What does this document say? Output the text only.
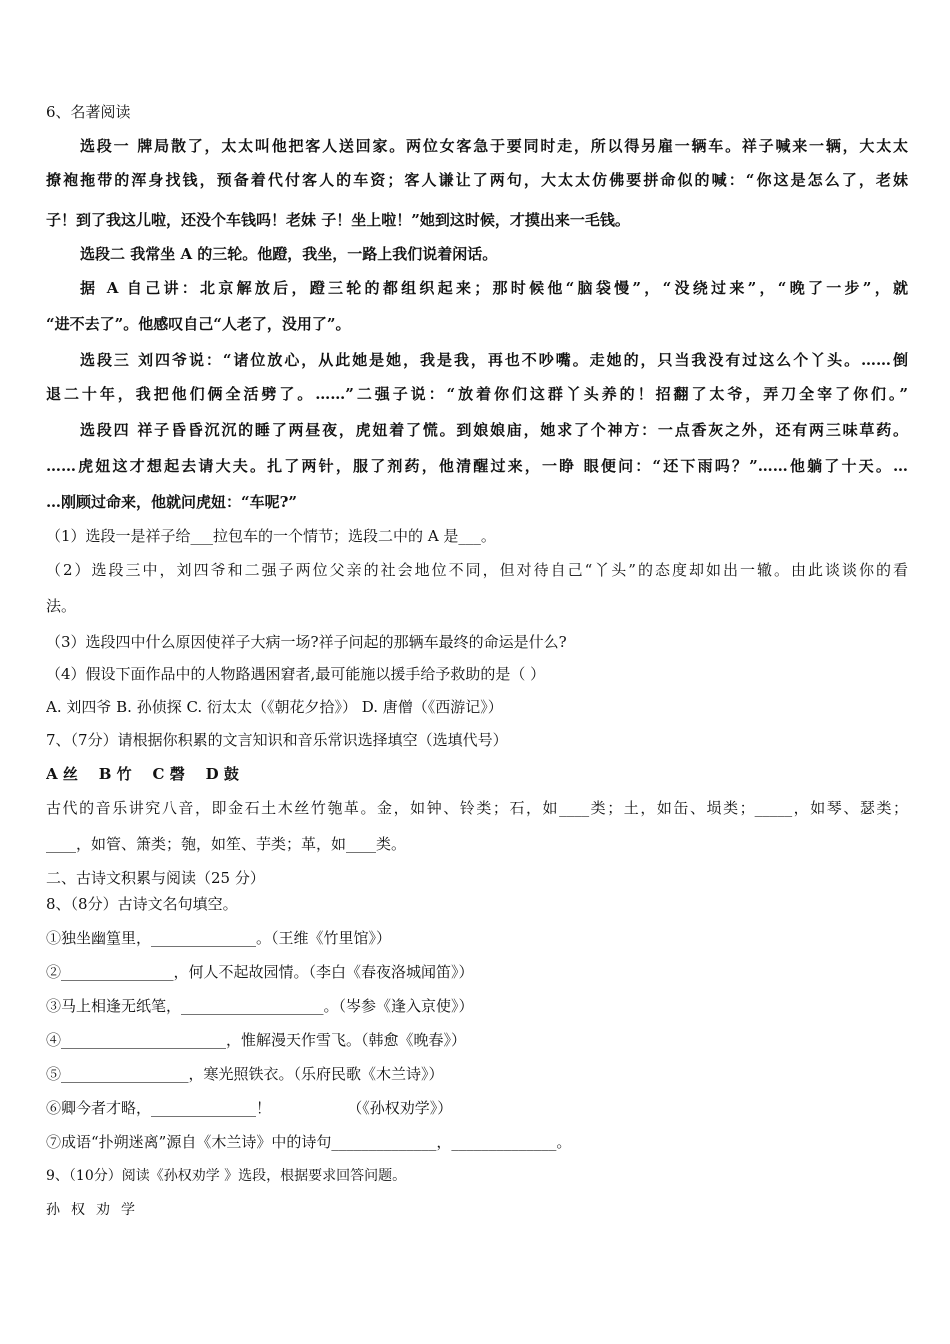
6、名著阅读
选段一 牌局散了，太太叫他把客人送回家。两位女客急于要同时走，所以得另雇一辆车。祥子喊来一辆，大太太
撩袍拖带的浑身找钱，预备着代付客人的车资；客人谦让了两句，大太太仿佛要拼命似的喊：“你这是怎么了，老妹
子！到了我这儿啦，还没个车钱吗！老妹 子！坐上啦！”她到这时候，才摸出来一毛钱。
选段二 我常坐 A 的三轮。他蹬，我坐，一路上我们说着闲话。
据 A 自己讲：北京解放后，蹬三轮的都组织起来；那时候他“脑袋慢”，“没绕过来”，“晚了一步”，就
“进不去了”。他感叹自己“人老了，没用了”。
选段三 刘四爷说：“诸位放心，从此她是她，我是我，再也不吵嘴。走她的，只当我没有过这么个丫头。……倒
退二十年，我把他们俩全活劈了。……”二强子说：“放着你们这群丫头养的！招翻了太爷，弄刀全宰了你们。”
选段四 祥子昏昏沉沉的睡了两昼夜，虎妞着了慌。到娘娘庙，她求了个神方：一点香灰之外，还有两三味草药。
……虎妞这才想起去请大夫。扎了两针，服了剂药，他清醒过来，一睁 眼便问：“还下雨吗？”……他躺了十天。…
…刚顾过命来，他就问虎妞：“车呢?”
（1）选段一是祥子给___拉包车的一个情节；选段二中的 A 是___。
（2）选段三中，刘四爷和二强子两位父亲的社会地位不同，但对待自己“丫头”的态度却如出一辙。由此谈谈你的看
法。
（3）选段四中什么原因使祥子大病一场?祥子问起的那辆车最终的命运是什么?
（4）假设下面作品中的人物路遇困窘者,最可能施以援手给予救助的是（ ）
A. 刘四爷 B. 孙侦探 C. 衍太太（《朝花夕拾》） D. 唐僧（《西游记》）
7、（7分）请根据你积累的文言知识和音乐常识选择填空（选填代号）
A 丝    B 竹    C 磬    D 鼓
古代的音乐讲究八音，即金石土木丝竹匏革。金，如钟、铃类；石，如____类；土，如缶、埙类；_____，如琴、瑟类；
____，如管、箫类；匏，如笙、芋类；革，如____类。
二、古诗文积累与阅读（25 分）
8、（8分）古诗文名句填空。
①独坐幽篁里，______________。（王维《竹里馆》）
②_______________，何人不起故园情。（李白《春夜洛城闻笛》）
③马上相逢无纸笔，___________________。（岑参《逢入京使》）
④______________________，惟解漫天作雪飞。（韩愈《晚春》）
⑤_________________，寒光照铁衣。（乐府民歌《木兰诗》）
⑥卿今者才略，______________！                （《孙权劝学》）
⑦成语“扑朔迷离”源自《木兰诗》中的诗句______________，______________。
9、（10分）阅读《孙权劝学 》选段，根据要求回答问题。
孙权劝学
